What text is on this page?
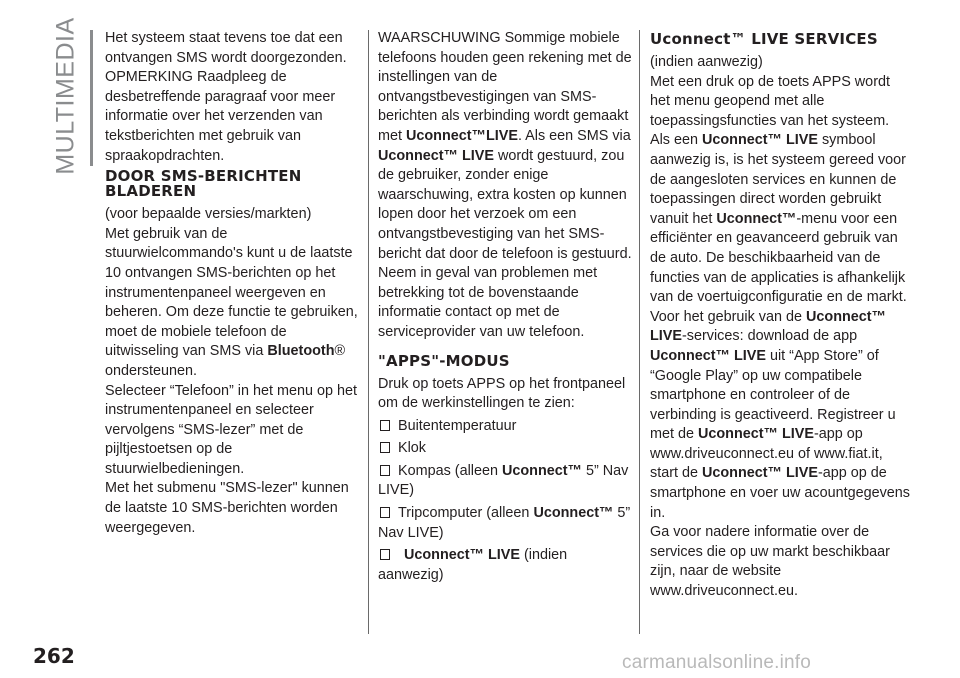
MULTIMEDIA Het systeem staat tevens toe dat een ontvangen SMS wordt doorgezonden.

OPMERKING Raadpleeg de desbetreffende paragraaf voor meer informatie over het verzenden van tekstberichten met gebruik van spraakopdrachten.

DOOR SMS-BERICHTEN BLADEREN

(voor bepaalde versies/markten)

Met gebruik van de stuurwielcommando's kunt u de laatste 10 ontvangen SMS-berichten op het instrumentenpaneel weergeven en beheren. Om deze functie te gebruiken, moet de mobiele telefoon de uitwisseling van SMS via Bluetooth® ondersteunen.

Selecteer “Telefoon” in het menu op het instrumentenpaneel en selecteer vervolgens “SMS-lezer” met de pijltjestoetsen op de stuurwielbedieningen.

Met het submenu "SMS-lezer" kunnen de laatste 10 SMS-berichten worden weergegeven.

WAARSCHUWING Sommige mobiele telefoons houden geen rekening met de instellingen van de ontvangstbevestigingen van SMS-berichten als verbinding wordt gemaakt met Uconnect™LIVE. Als een SMS via Uconnect™ LIVE wordt gestuurd, zou de gebruiker, zonder enige waarschuwing, extra kosten op kunnen lopen door het verzoek om een ontvangstbevestiging van het SMS-bericht dat door de telefoon is gestuurd. Neem in geval van problemen met betrekking tot de bovenstaande informatie contact op met de serviceprovider van uw telefoon.

"APPS"-MODUS

Druk op toets APPS op het frontpaneel om de werkinstellingen te zien:

Buitentemperatuur
Klok
Kompas (alleen Uconnect™ 5” Nav LIVE)
Tripcomputer (alleen Uconnect™ 5” Nav LIVE)
Uconnect™ LIVE (indien aanwezig)
Uconnect™ LIVE SERVICES

(indien aanwezig)

Met een druk op de toets APPS wordt het menu geopend met alle toepassingsfuncties van het systeem. Als een Uconnect™ LIVE symbool aanwezig is, is het systeem gereed voor de aangesloten services en kunnen de toepassingen direct worden gebruikt vanuit het Uconnect™-menu voor een efficiënter en geavanceerd gebruik van de auto. De beschikbaarheid van de functies van de applicaties is afhankelijk van de voertuigconfiguratie en de markt.

Voor het gebruik van de Uconnect™ LIVE-services: download de app Uconnect™ LIVE uit “App Store” of “Google Play” op uw compatibele smartphone en controleer of de verbinding is geactiveerd. Registreer u met de Uconnect™ LIVE-app op www.driveuconnect.eu of www.fiat.it, start de Uconnect™ LIVE-app op de smartphone en voer uw acountgegevens in.

Ga voor nadere informatie over de services die op uw markt beschikbaar zijn, naar de website www.driveuconnect.eu.

262	carmanualsonline.info
